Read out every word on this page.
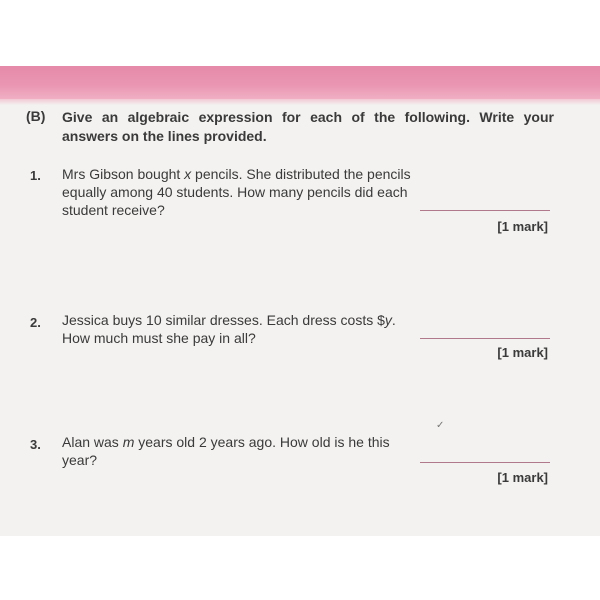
(B) Give an algebraic expression for each of the following. Write your answers on the lines provided.
1. Mrs Gibson bought x pencils. She distributed the pencils equally among 40 students. How many pencils did each student receive?
[1 mark]
2. Jessica buys 10 similar dresses. Each dress costs $y. How much must she pay in all?
[1 mark]
✓
3. Alan was m years old 2 years ago. How old is he this year?
[1 mark]
